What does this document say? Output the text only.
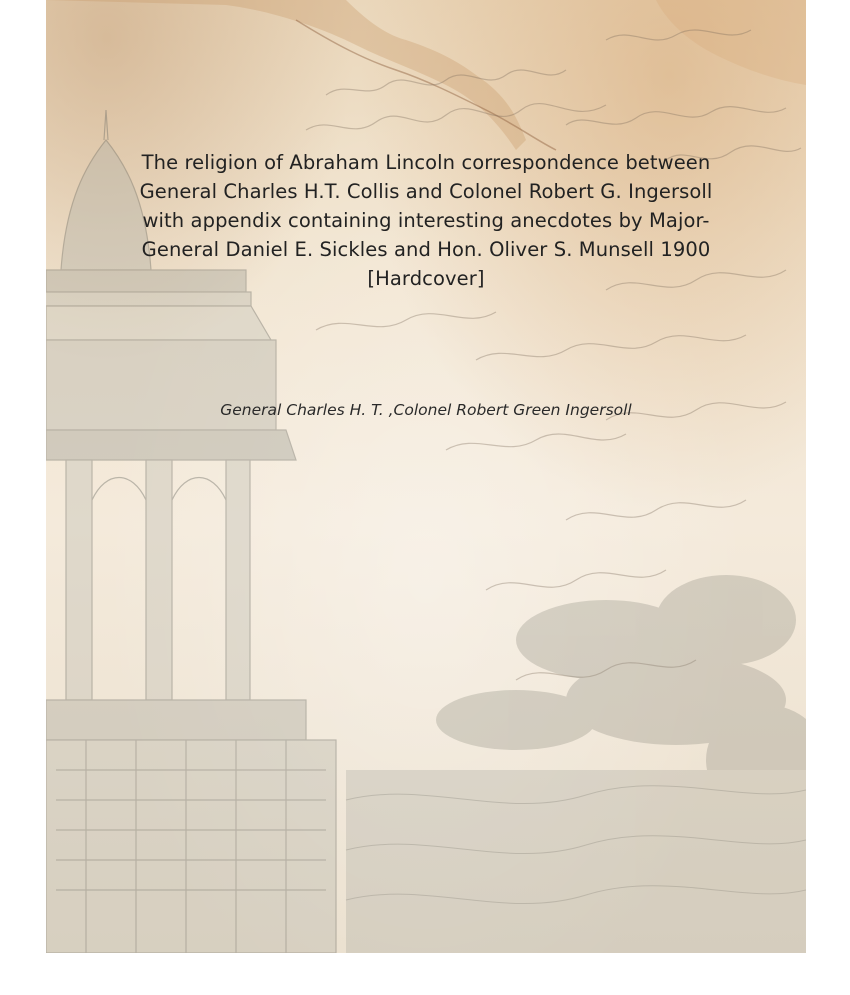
The religion of Abraham Lincoln correspondence between General Charles H.T. Collis and Colonel Robert G. Ingersoll with appendix containing interesting anecdotes by Major-General Daniel E. Sickles and Hon. Oliver S. Munsell 1900 [Hardcover]

General Charles H. T. ,Colonel Robert Green Ingersoll
